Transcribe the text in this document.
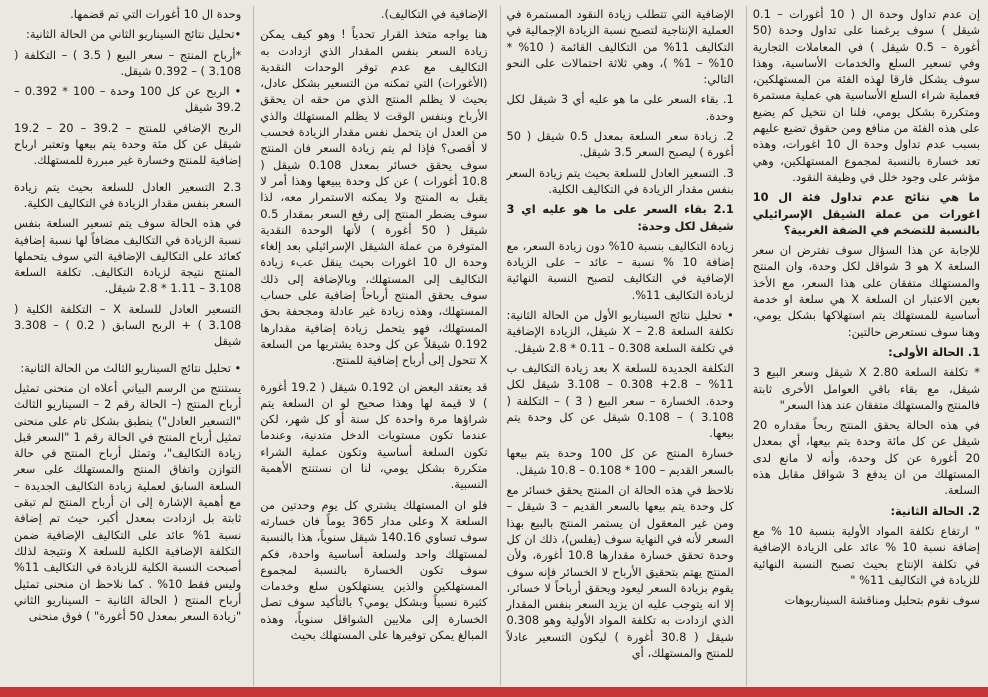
إن عدم تداول وحدة ال ( 10 أغورات – 0.1 شيقل ) سوف يرغمنا على تداول وحدة (50 أغورة – 0.5 شيقل ) في المعاملات التجارية وفي تسعير السلع والخدمات الأساسية، وهذا سوف يشكل فارقا لهذه الفئة من المستهلكين، فعملية شراء السلع الأساسية هي عملية مستمرة ومتكررة بشكل يومي، فلنا ان نتخيل كم يضيع على هذه الفئة من منافع ومن حقوق تضيع عليهم بسبب عدم تداول وحدة ال 10 اغورات، وهذه تعد خسارة بالنسبة لمجموع المستهلكين، وهي مؤشر على وجود خلل في وظيفة النقود.

ما هي نتائج عدم تداول فئة ال 10 اغورات من عملة الشيقل الإسرائيلي بالنسبة للتضخم في الضفة الغربية؟

للإجابة عن هذا السؤال سوف نفترض ان سعر السلعة X هو 3 شواقل لكل وحدة، وان المنتج والمستهلك متفقان على هذا السعر، مع الأخذ بعين الاعتبار ان السلعة X هي سلعة او خدمة أساسية للمستهلك يتم استهلاكها بشكل يومي، وهنا سوف نستعرض حالتين:

1. الحالة الأولى:

* تكلفة السلعة X 2.80 شيقل وسعر البيع 3 شيقل، مع بقاء باقي العوامل الأخرى ثابتة فالمنتج والمستهلك متفقان عند هذا السعر"

في هذه الحالة يحقق المنتج ربحاً مقداره 20 شيقل عن كل مائة وحدة يتم بيعها، أي بمعدل 20 أغورة عن كل وحدة، وأنه لا مانع لدى المستهلك من ان يدفع 3 شواقل مقابل هذه السلعة.

2. الحالة الثانية:

" ارتفاع تكلفة المواد الأولية بنسبة 10 % مع إضافة نسبة 10 % عائد على الزيادة الإضافية في تكلفة الإنتاج بحيث تصبح النسبة النهائية للزيادة في التكاليف 11% "

سوف نقوم بتحليل ومناقشة السيناريوهات

الإضافية التي تتطلب زيادة النقود المستمرة في العملية الإنتاجية لتصبح نسبة الزيادة الإجمالية في التكاليف 11% من التكاليف القائمة ( 10% * 10% – 1% )، وهي ثلاثة احتمالات على النحو التالي:

1. بقاء السعر على ما هو عليه أي 3 شيقل لكل وحدة.

2. زيادة سعر السلعة بمعدل 0.5 شيقل ( 50 أغورة ) ليصبح السعر 3.5 شيقل.

3. التسعير العادل للسلعة بحيث يتم زيادة السعر بنفس مقدار الزيادة في التكاليف الكلية.

2.1 بقاء السعر على ما هو عليه اي 3 شيقل لكل وحدة:

زيادة التكاليف بنسبة 10% دون زيادة السعر، مع إضافة 10 % نسبة – عائد – على الزيادة الإضافية في التكاليف لتصبح النسبة النهائية لزيادة التكاليف 11%.

• تحليل نتائج السيناريو الأول من الحالة الثانية: تكلفة السلعة 2.8 – X شيقل، الزيادة الإضافية في تكلفة السلعة 0.308 – 0.11 * 2.8 شيقل.

التكلفة الجديدة للسلعة X بعد زيادة التكاليف ب 11% – 2.8+ 0.308 – 3.108 شيقل لكل وحدة. الخسارة – سعر البيع ( 3 ) – التكلفة ( 3.108 ) – 0.108 شيقل عن كل وحدة يتم بيعها.

خسارة المنتج عن كل 100 وحدة يتم بيعها بالسعر القديم – 100 * 0.108 – 10.8 شيقل.

نلاحظ في هذه الحالة ان المنتج يحقق خسائر مع كل وحدة يتم بيعها بالسعر القديم – 3 شيقل – ومن غير المعقول ان يستمر المنتج بالبيع بهذا السعر لأنه في النهاية سوف (يفلس)، ذلك ان كل وحدة تحقق خسارة مقدارها 10.8 أغورة، ولأن المنتج يهتم بتحقيق الأرباح لا الخسائر فإنه سوف يقوم بزيادة السعر ليعود ويحقق أرباحاً لا خسائر، إلا انه يتوجب عليه ان يزيد السعر بنفس المقدار الذي ازدادت به تكلفة المواد الأولية وهو 0.308 شيقل ( 30.8 أغورة ) ليكون التسعير عادلاً للمنتج والمستهلك، أي

الإضافية في التكاليف).

هنا يواجه متخذ القرار تحدياً ! وهو كيف يمكن زيادة السعر بنفس المقدار الذي ازدادت به التكاليف مع عدم توفر الوحدات النقدية (الأغورات) التي تمكنه من التسعير بشكل عادل، بحيث لا يظلم المنتج الذي من حقه ان يحقق الأرباح وبنفس الوقت لا يظلم المستهلك والذي من العدل ان يتحمل نفس مقدار الزيادة فحسب لا أقصى؟ فإذا لم يتم زيادة السعر فان المنتج سوف يحقق خسائر بمعدل 0.108 شيقل ( 10.8 أغورات ) عن كل وحدة يبيعها وهذا أمر لا يقبل به المنتج ولا يمكنه الاستمرار معه، لذا سوف يضطر المنتج إلى رفع السعر بمقدار 0.5 شيقل ( 50 أغورة ) لأنها الوحدة النقدية المتوفرة من عملة الشيقل الإسرائيلي بعد إلغاء وحدة ال 10 اغورات بحيث ينقل عبء زيادة التكاليف إلى المستهلك، وبالإضافة إلى ذلك سوف يحقق المنتج أرباحاً إضافية على حساب المستهلك، وهذه زيادة غير عادلة ومجحفة بحق المستهلك، فهو يتحمل زيادة إضافية مقدارها 0.192 شيقلاً عن كل وحدة يشتريها من السلعة X تتحول إلى أرباح إضافية للمنتج.

قد يعتقد البعض ان 0.192 شيقل ( 19.2 أغورة ) لا قيمة لها وهذا صحيح لو ان السلعة يتم شراؤها مرة واحدة كل سنة أو كل شهر، لكن عندما تكون مستويات الدخل متدنية، وعندما تكون السلعة أساسية وتكون عملية الشراء متكررة بشكل يومي، لنا ان نستنتج الأهمية النسبية.

فلو ان المستهلك يشتري كل يوم وحدتين من السلعة X وعلى مدار 365 يوماً فان خسارته سوف تساوي 140.16 شيقل سنوياً، هذا بالنسبة لمستهلك واحد ولسلعة أساسية واحدة، فكم سوف تكون الخسارة بالنسبة لمجموع المستهلكين والذين يستهلكون سلع وخدمات كثيرة نسبياً وبشكل يومي؟ بالتأكيد سوف تصل الخسارة إلى ملايين الشواقل سنوياً، وهذه المبالغ يمكن توفيرها على المستهلك بحيث

وحدة ال 10 أغورات التي تم قضمها.

•تحليل نتائج السيناريو الثاني من الحالة الثانية:

*أرباح المنتج – سعر البيع ( 3.5 ) – التكلفة ( 3.108 ) – 0.392 شيقل.

• الربح عن كل 100 وحدة – 100 * 0.392 – 39.2 شيقل

الربح الإضافي للمنتج – 39.2 – 20 – 19.2 شيقل عن كل مئة وحدة يتم بيعها وتعتبر ارباح إضافية للمنتج وخسارة غير مبررة للمستهلك.

2.3 التسعير العادل للسلعة بحيث يتم زيادة السعر بنفس مقدار الزيادة في التكاليف الكلية.

في هذه الحالة سوف يتم تسعير السلعة بنفس نسبة الزيادة في التكاليف مضافاً لها نسبة إضافية كعائد على التكاليف الإضافية التي سوف يتحملها المنتج نتيجة لزيادة التكاليف. تكلفة السلعة 3.108 – 1.11 * 2.8 شيقل.

التسعير العادل للسلعة X – التكلفة الكلية ( 3.108 ) + الربح السابق ( 0.2 ) – 3.308 شيقل

• تحليل نتائج السيناريو الثالث من الحالة الثانية:

يستنتج من الرسم البياني أعلاه ان منحنى تمثيل أرباح المنتج (– الحالة رقم 2 – السيناريو الثالث "التسعير العادل") ينطبق بشكل تام على منحنى تمثيل أرباح المنتج في الحالة رقم 1 "السعر قبل زيادة التكاليف"، وتمثل أرباح المنتج في حالة التوازن واتفاق المنتج والمستهلك على سعر السلعة السابق لعملية زيادة التكاليف الجديدة – مع أهمية الإشارة إلى ان أرباح المنتج لم تبقى ثابتة بل ازدادت بمعدل أكبر، حيث تم إضافة نسبة 1% عائد على التكاليف الإضافية ضمن التكلفة الإضافية الكلية للسلعة X ونتيجة لذلك أصبحت النسبة الكلية للزيادة في التكاليف 11% وليس فقط 10% . كما نلاحظ ان منحنى تمثيل أرباح المنتج ( الحالة الثانية – السيناريو الثاني "زيادة السعر بمعدل 50 أغورة" ) فوق منحنى
